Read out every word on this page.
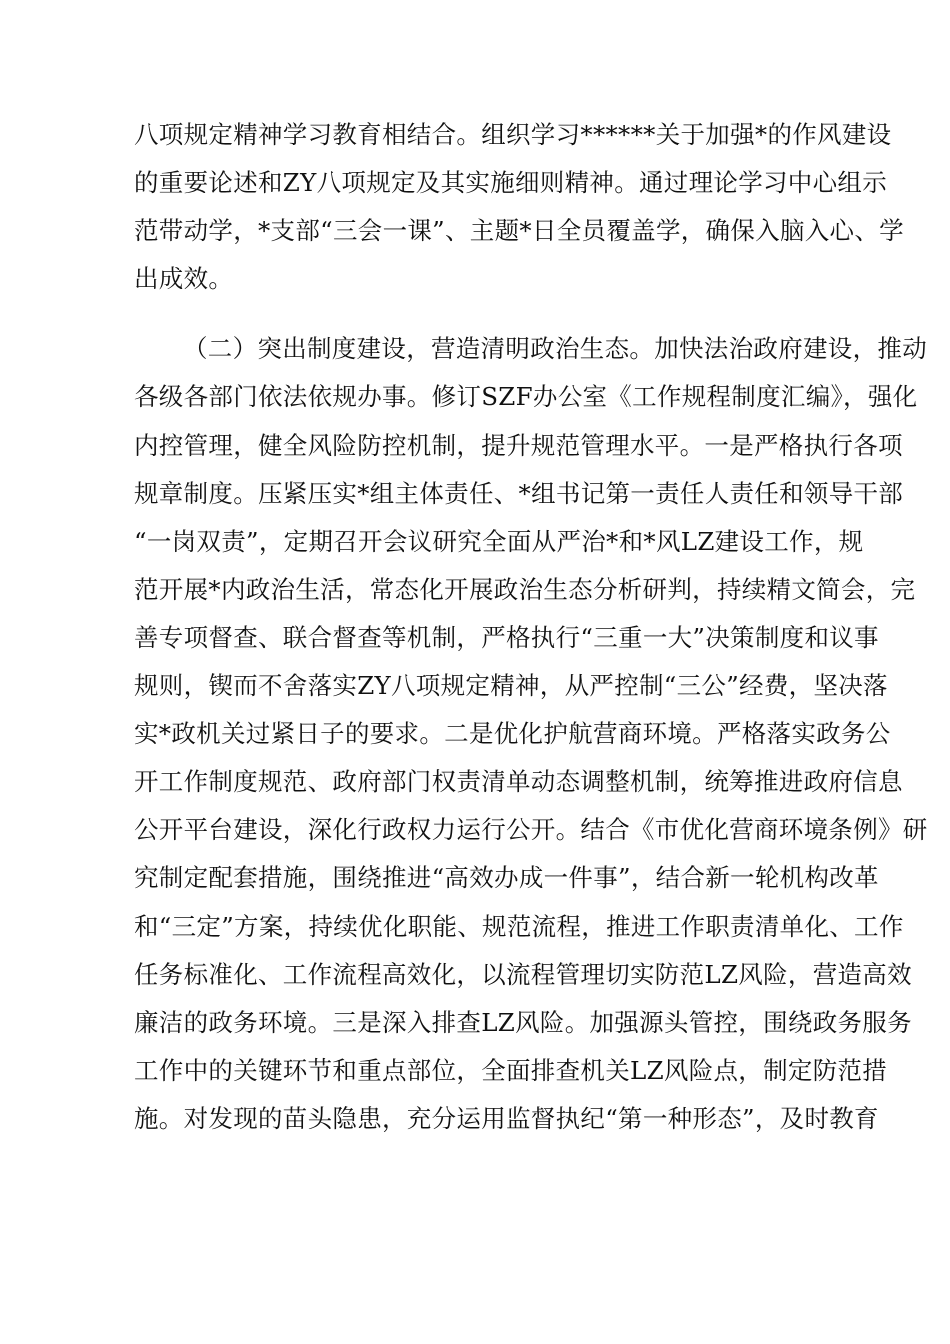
八项规定精神学习教育相结合。组织学习******关于加强*的作风建设
的重要论述和ZY八项规定及其实施细则精神。通过理论学习中心组示
范带动学，*支部“三会一课”、主题*日全员覆盖学，确保入脑入心、学
出成效。
（二）突出制度建设，营造清明政治生态。加快法治政府建设，推动
各级各部门依法依规办事。修订SZF办公室《工作规程制度汇编》，强化
内控管理，健全风险防控机制，提升规范管理水平。一是严格执行各项
规章制度。压紧压实*组主体责任、*组书记第一责任人责任和领导干部
“一岗双责”，定期召开会议研究全面从严治*和*风LZ建设工作，规
范开展*内政治生活，常态化开展政治生态分析研判，持续精文简会，完
善专项督查、联合督查等机制，严格执行“三重一大”决策制度和议事
规则，锲而不舍落实ZY八项规定精神，从严控制“三公”经费，坚决落
实*政机关过紧日子的要求。二是优化护航营商环境。严格落实政务公
开工作制度规范、政府部门权责清单动态调整机制，统筹推进政府信息
公开平台建设，深化行政权力运行公开。结合《市优化营商环境条例》研
究制定配套措施，围绕推进“高效办成一件事”，结合新一轮机构改革
和“三定”方案，持续优化职能、规范流程，推进工作职责清单化、工作
任务标准化、工作流程高效化，以流程管理切实防范LZ风险，营造高效
廉洁的政务环境。三是深入排查LZ风险。加强源头管控，围绕政务服务
工作中的关键环节和重点部位，全面排查机关LZ风险点，制定防范措
施。对发现的苗头隐患，充分运用监督执纪“第一种形态”，及时教育
